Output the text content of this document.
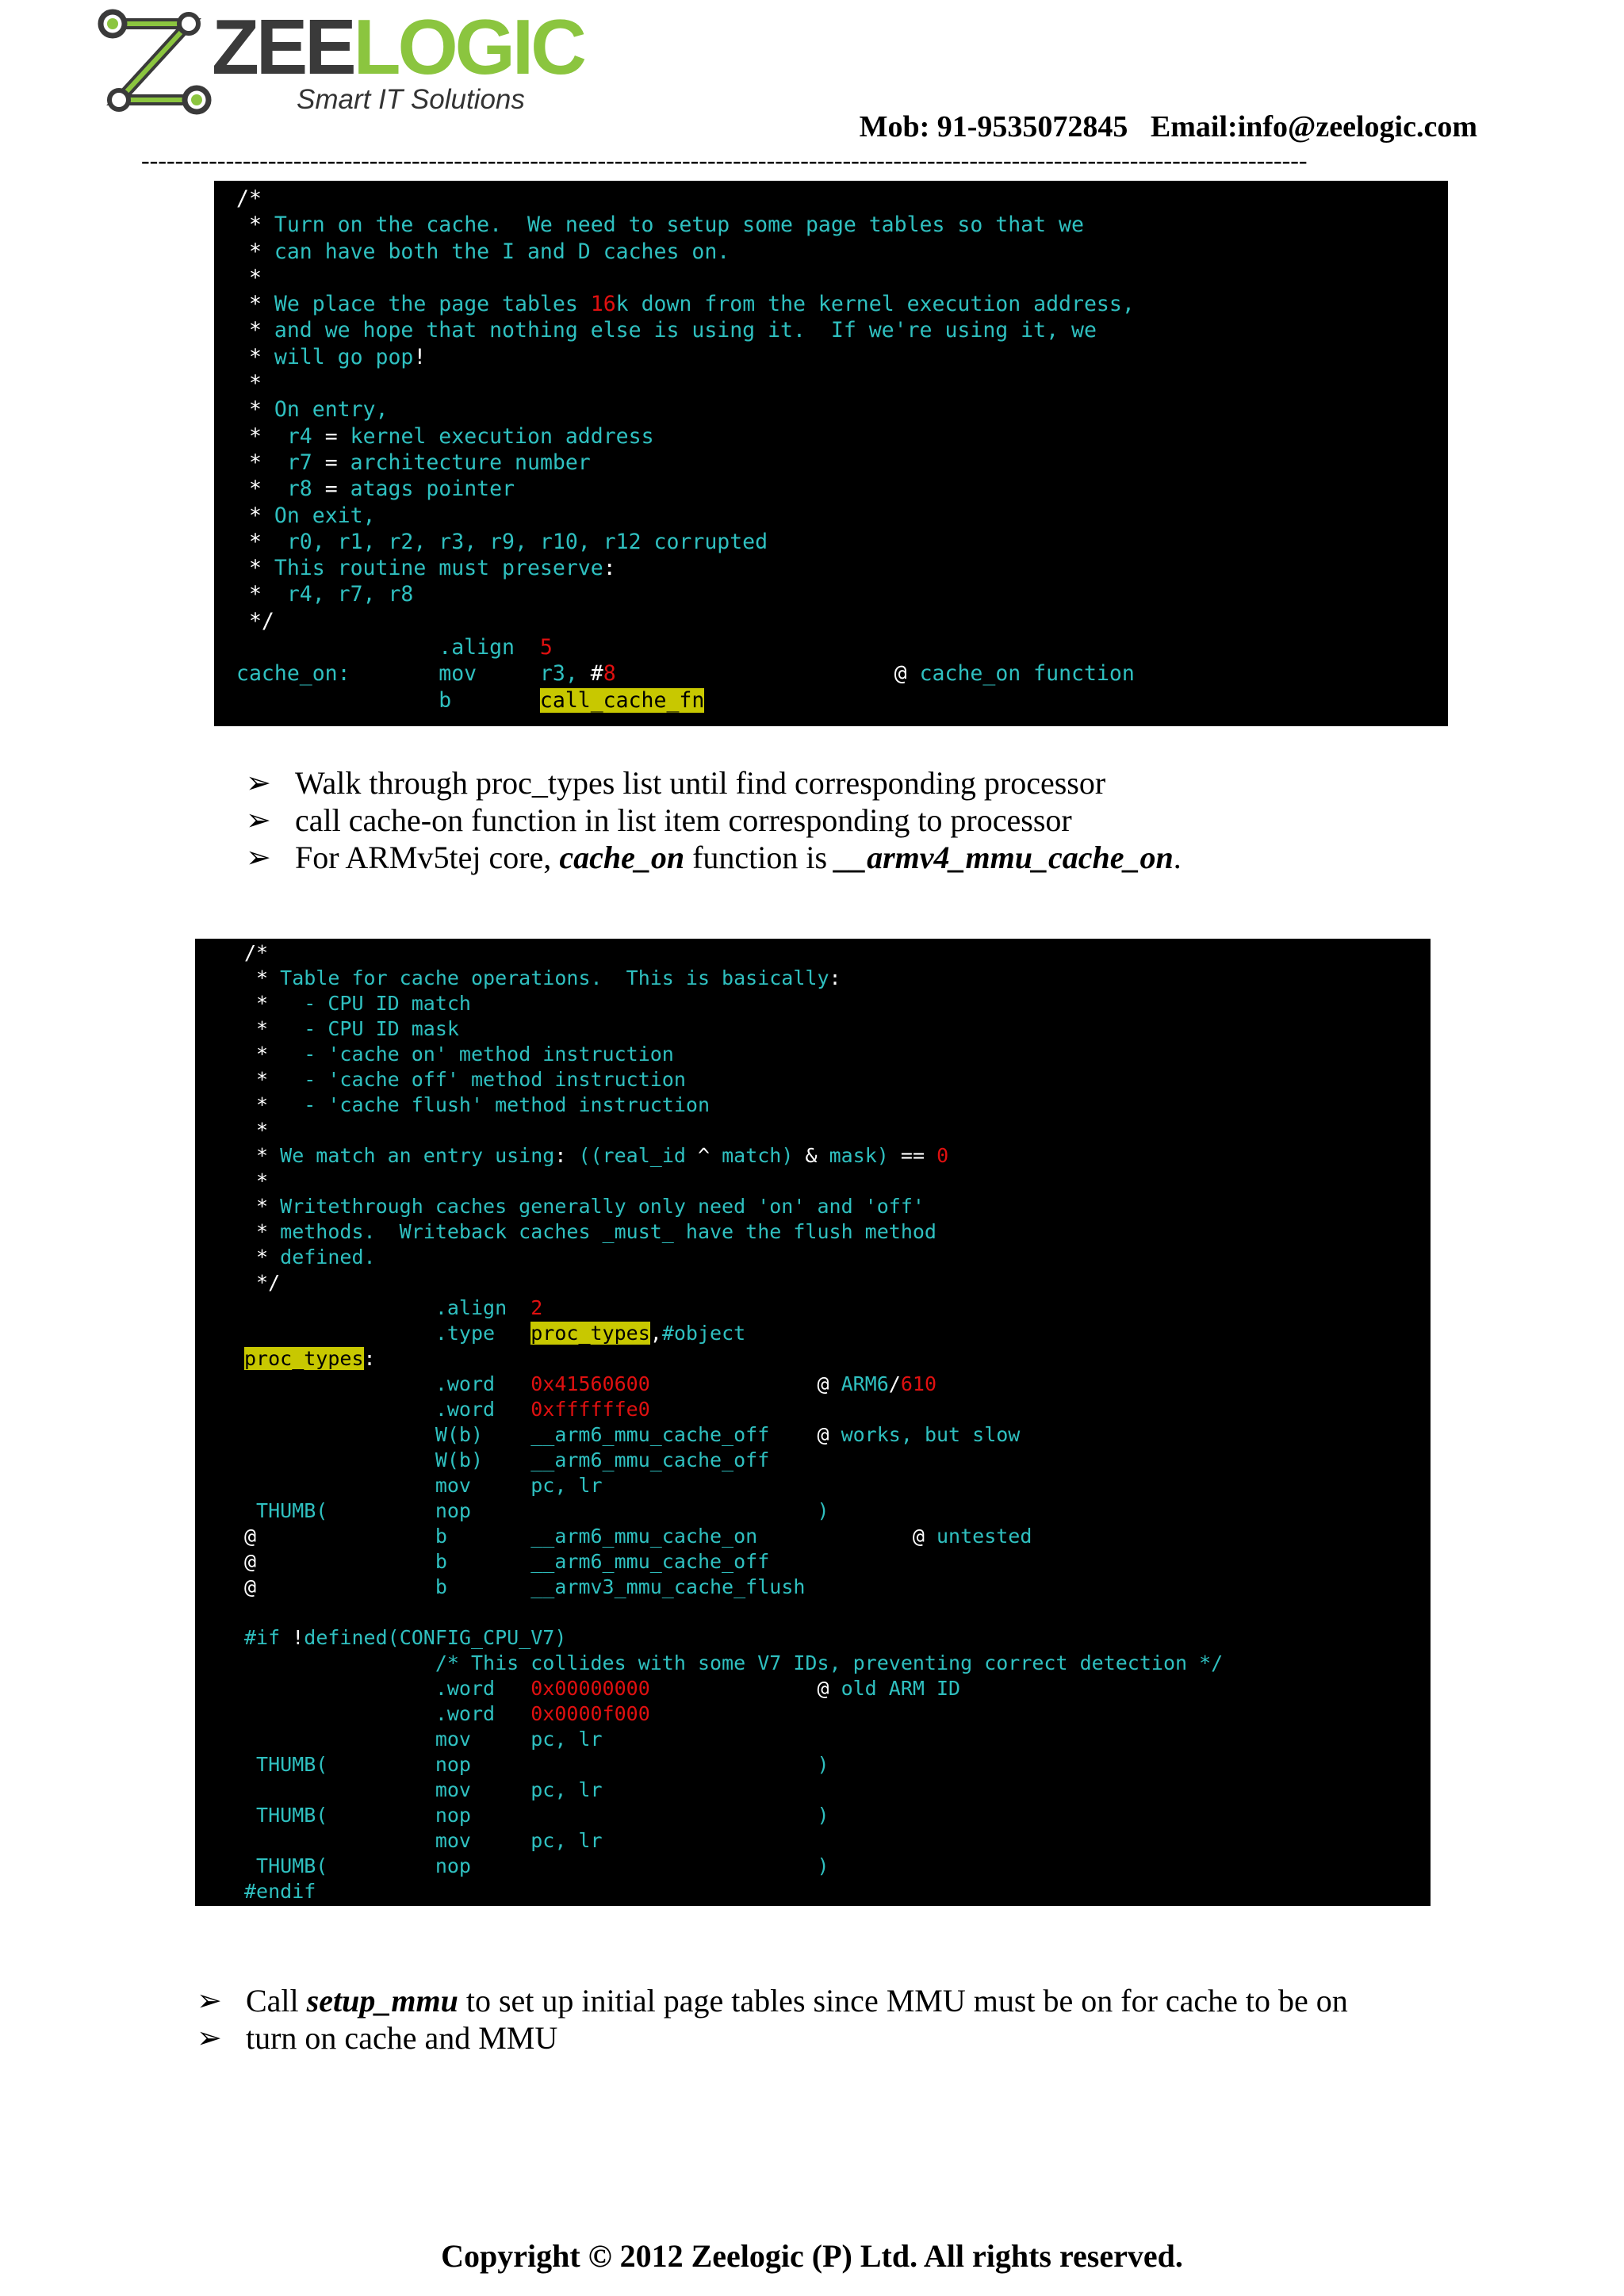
ZEELOGIC
Smart IT Solutions
Mob: 91-9535072845   Email:info@zeelogic.com
------------------------------------------------------------------------------------------------------------------------------------------
/*
* Turn on the cache.  We need to setup some page tables so that we
* can have both the I and D caches on.
*
* We place the page tables 16k down from the kernel execution address,
* and we hope that nothing else is using it.  If we're using it, we
* will go pop!
*
* On entry,
*  r4 = kernel execution address
*  r7 = architecture number
*  r8 = atags pointer
* On exit,
*  r0, r1, r2, r3, r9, r10, r12 corrupted
* This routine must preserve:
*  r4, r7, r8
*/
.align  5
cache_on:       mov     r3, #8	@ cache_on function
b       call_cache_fn

➢ Walk through proc_types list until find corresponding processor
➢ call cache-on function in list item corresponding to processor
➢ For ARMv5tej core, cache_on function is __armv4_mmu_cache_on.
/*
* Table for cache operations.  This is basically:
*   - CPU ID match
*   - CPU ID mask
*   - 'cache on' method instruction
*   - 'cache off' method instruction
*   - 'cache flush' method instruction
*
* We match an entry using: ((real_id ^ match) & mask) == 0
*
* Writethrough caches generally only need 'on' and 'off'
* methods.  Writeback caches _must_ have the flush method
* defined.
*/
.align  2
.type   proc_types,#object
proc_types:
.word   0x41560600	@ ARM6/610
.word   0xffffffe0
W(b)    __arm6_mmu_cache_off    @ works, but slow
W(b)    __arm6_mmu_cache_off
mov     pc, lr
THUMB(         nop                             )
@               b       __arm6_mmu_cache_on             @ untested
@               b       __arm6_mmu_cache_off
@               b       __armv3_mmu_cache_flush

#if !defined(CONFIG_CPU_V7)
/* This collides with some V7 IDs, preventing correct detection */
.word   0x00000000	@ old ARM ID
.word   0x0000f000
mov     pc, lr
THUMB(         nop                             )
mov     pc, lr
THUMB(         nop                             )
mov     pc, lr
THUMB(         nop                             )
#endif

➢ Call setup_mmu to set up initial page tables since MMU must be on for cache to be on
➢ turn on cache and MMU
Copyright © 2012 Zeelogic (P) Ltd. All rights reserved.
